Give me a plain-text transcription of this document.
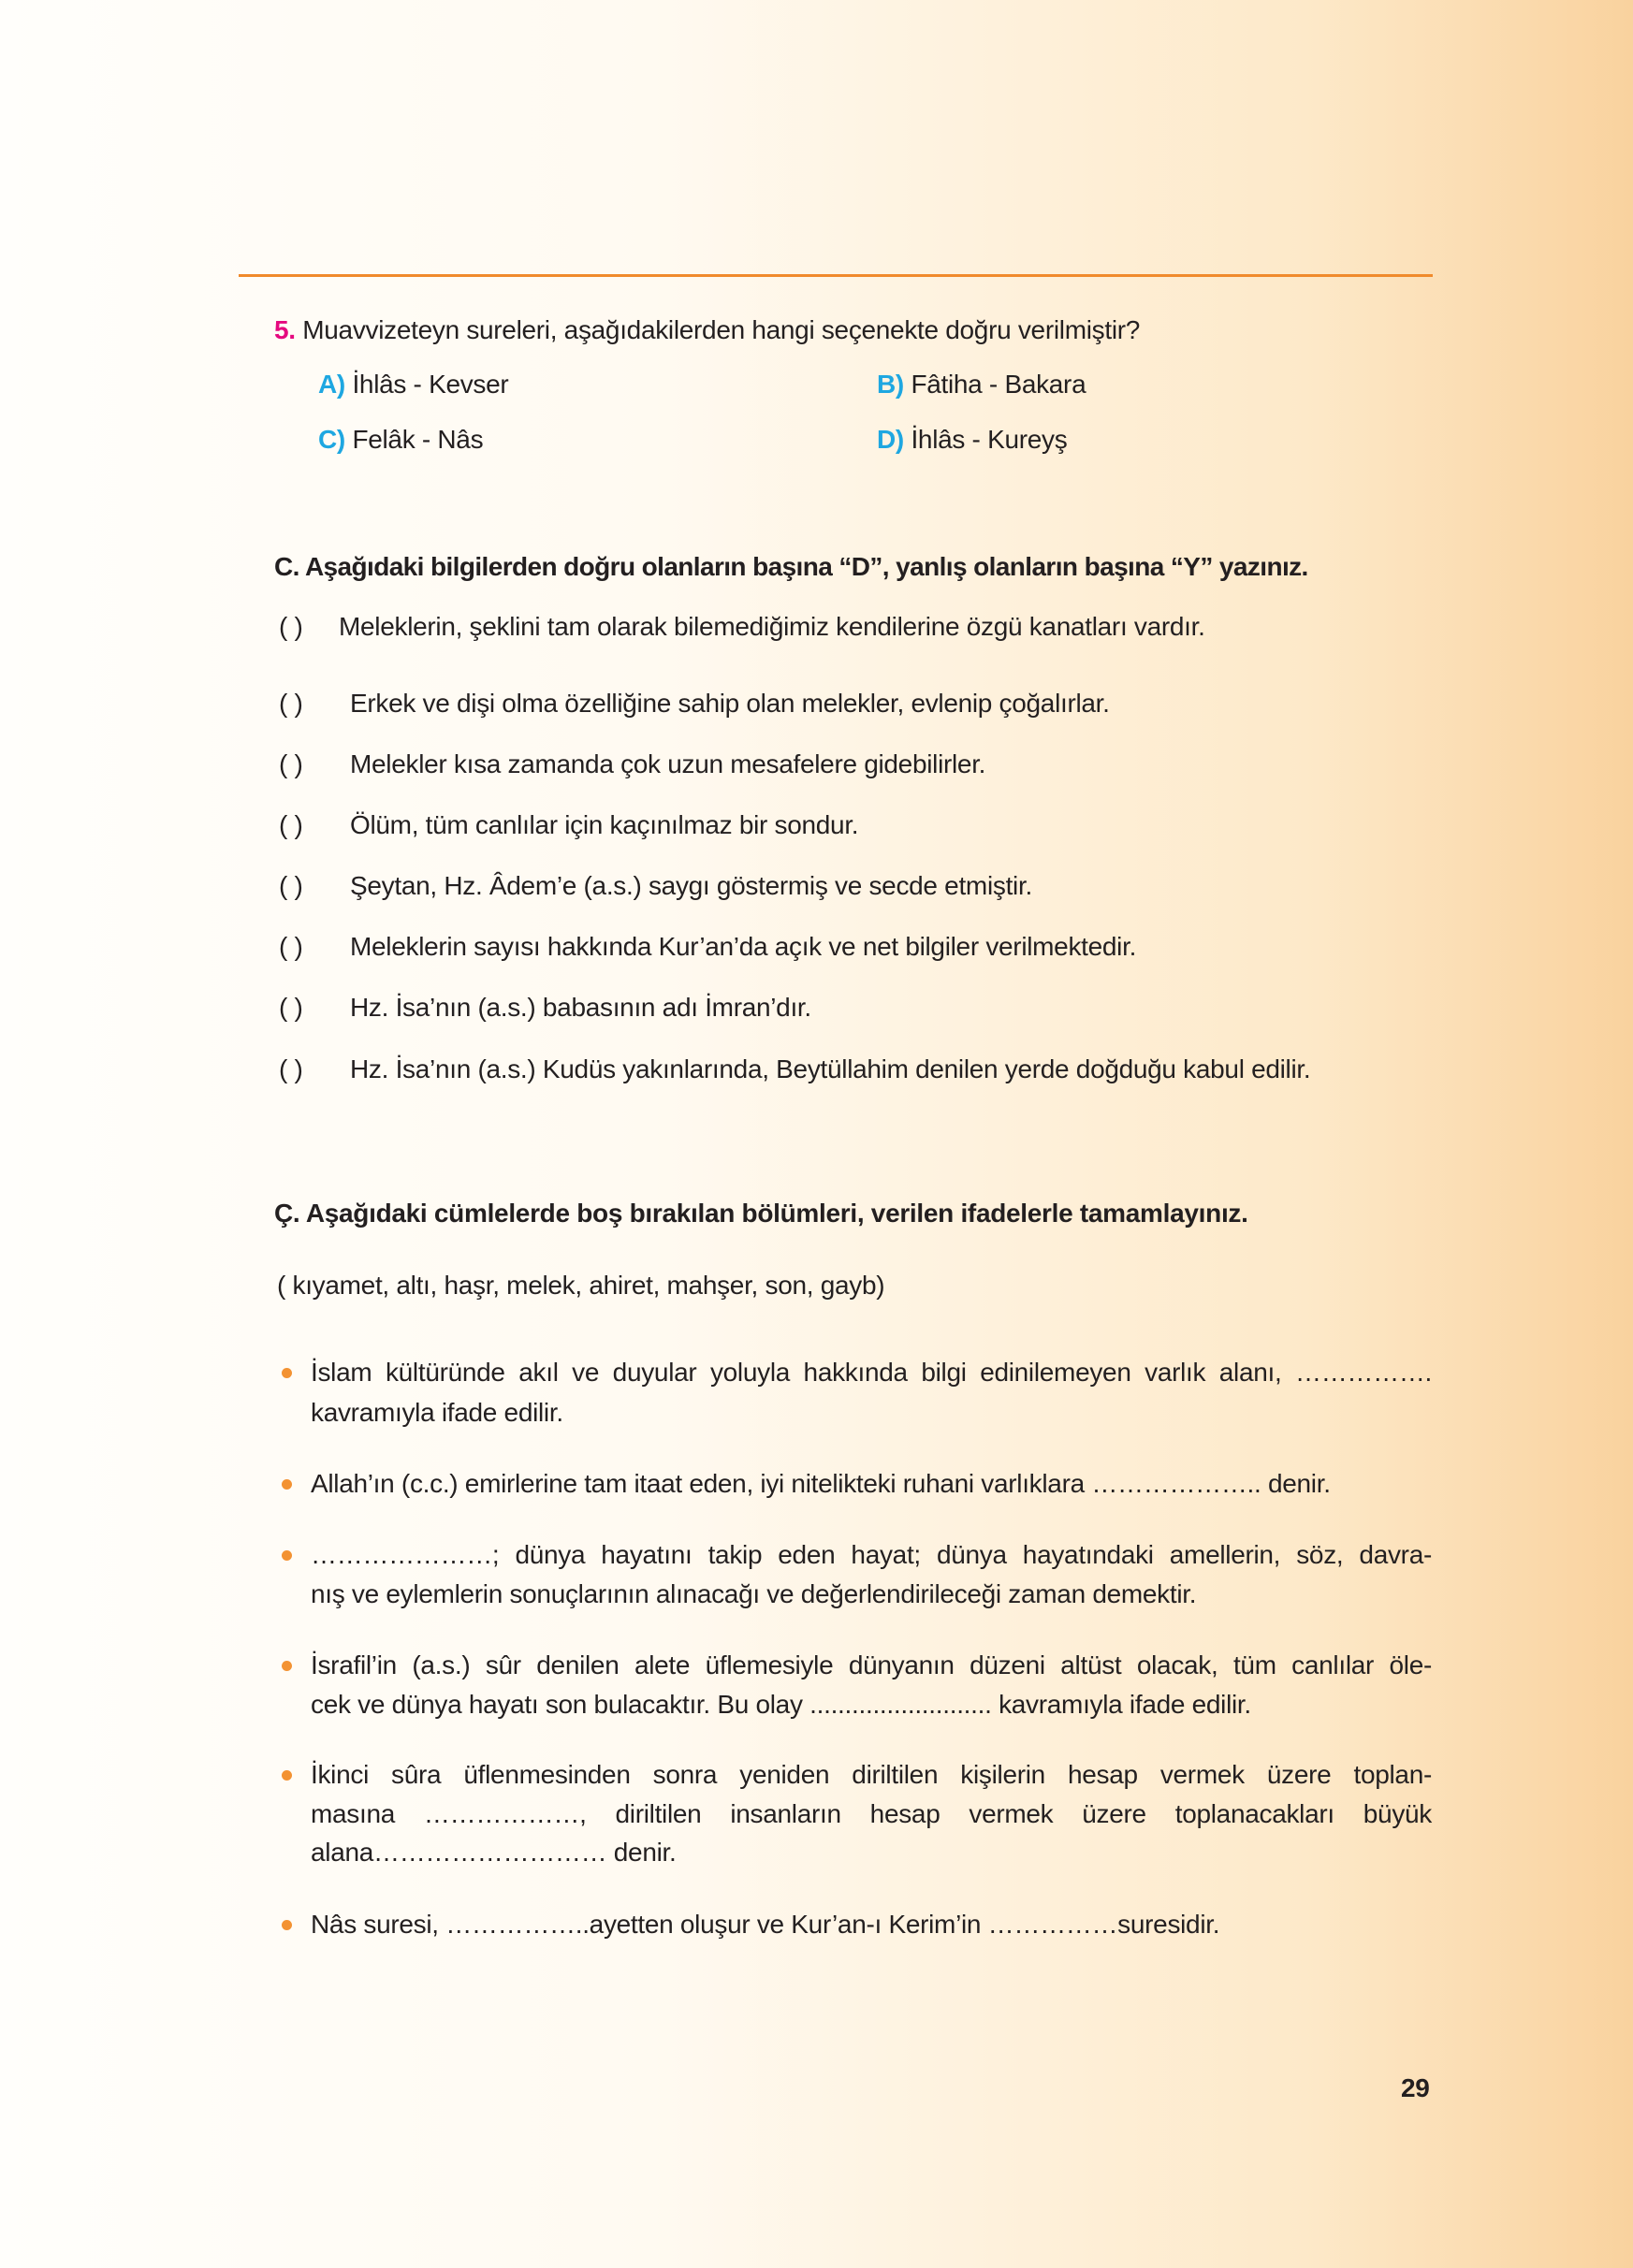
5. Muavvizeteyn sureleri, aşağıdakilerden hangi seçenekte doğru verilmiştir?
A) İhlâs - Kevser	B) Fâtiha - Bakara
C) Felâk - Nâs	D) İhlâs - Kureyş
C. Aşağıdaki bilgilerden doğru olanların başına “D”, yanlış olanların başına “Y” yazınız.
( ) Meleklerin, şeklini tam olarak bilemediğimiz kendilerine özgü kanatları vardır.
( ) Erkek ve dişi olma özelliğine sahip olan melekler, evlenip çoğalırlar.
( ) Melekler kısa zamanda çok uzun mesafelere gidebilirler.
( ) Ölüm, tüm canlılar için kaçınılmaz bir sondur.
( ) Şeytan, Hz. Âdem’e (a.s.) saygı göstermiş ve secde etmiştir.
( ) Meleklerin sayısı hakkında Kur’an’da açık ve net bilgiler verilmektedir.
( ) Hz. İsa’nın (a.s.) babasının adı İmran’dır.
( ) Hz. İsa’nın (a.s.) Kudüs yakınlarında, Beytüllahim denilen yerde doğduğu kabul edilir.
Ç. Aşağıdaki cümlelerde boş bırakılan bölümleri, verilen ifadelerle tamamlayınız.
( kıyamet, altı, haşr, melek, ahiret, mahşer, son, gayb)
İslam kültüründe akıl ve duyular yoluyla hakkında bilgi edinilemeyen varlık alanı, …………….
kavramıyla ifade edilir.
Allah’ın (c.c.) emirlerine tam itaat eden, iyi nitelikteki ruhani varlıklara ……………….. denir.
…………………; dünya hayatını takip eden hayat; dünya hayatındaki amellerin, söz, davra-
nış ve eylemlerin sonuçlarının alınacağı ve değerlendirileceği zaman demektir.
İsrafil’in (a.s.) sûr denilen alete üflemesiyle dünyanın düzeni altüst olacak, tüm canlılar öle-
cek ve dünya hayatı son bulacaktır. Bu olay .......................... kavramıyla ifade edilir.
İkinci sûra üflenmesinden sonra yeniden diriltilen kişilerin hesap vermek üzere toplan-
masına ………………, diriltilen insanların hesap vermek üzere toplanacakları büyük
alana……………………… denir.
Nâs suresi, ……………..ayetten oluşur ve Kur’an-ı Kerim’in ……………suresidir.
29
